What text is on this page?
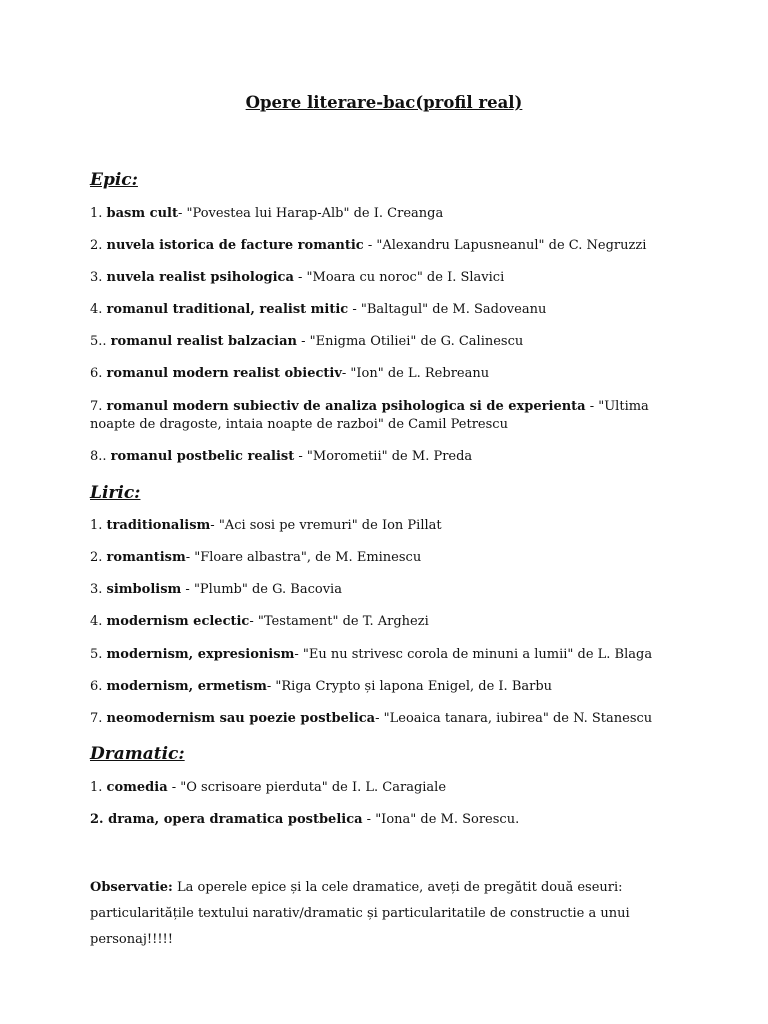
Opere literare-bac(profil real)
Epic:
1. basm cult- "Povestea lui Harap-Alb" de I. Creanga
2. nuvela istorica de facture romantic - "Alexandru Lapusneanul" de C. Negruzzi
3. nuvela realist psihologica - "Moara cu noroc" de I. Slavici
4. romanul traditional, realist mitic - "Baltagul" de M. Sadoveanu
5.. romanul realist balzacian - "Enigma Otiliei" de G. Calinescu
6. romanul modern realist obiectiv- "Ion" de L. Rebreanu
7. romanul modern subiectiv de analiza psihologica si de experienta - "Ultima noapte de dragoste, intaia noapte de razboi" de Camil Petrescu
8.. romanul postbelic realist - "Morometii" de M. Preda
Liric:
1. traditionalism- "Aci sosi pe vremuri" de Ion Pillat
2. romantism- "Floare albastra", de M. Eminescu
3. simbolism - "Plumb" de G. Bacovia
4. modernism eclectic- "Testament" de T. Arghezi
5. modernism, expresionism- "Eu nu strivesc corola de minuni a lumii" de L. Blaga
6. modernism, ermetism- "Riga Crypto și lapona Enigel, de I. Barbu
7. neomodernism sau poezie postbelica- "Leoaica tanara, iubirea" de N. Stanescu
Dramatic:
1. comedia - "O scrisoare pierduta" de I. L. Caragiale
2. drama, opera dramatica postbelica - "Iona" de M. Sorescu.
Observatie: La operele epice și la cele dramatice, aveți de pregătit două eseuri: particularitățile textului narativ/dramatic și particularitatile de constructie a unui personaj!!!!!
